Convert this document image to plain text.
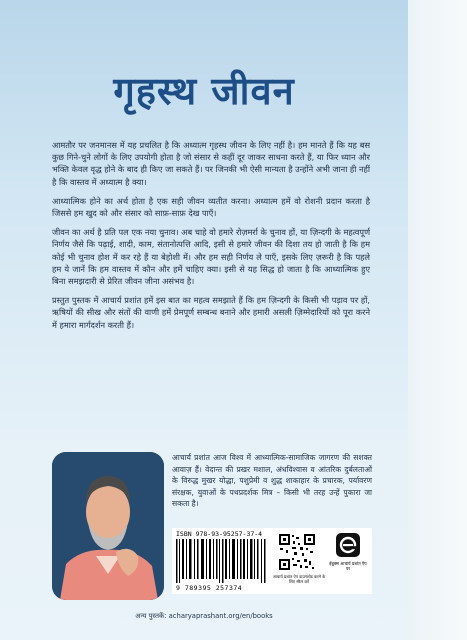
गृहस्थ जीवन

आमतौर पर जनमानस में यह प्रचलित है कि अध्यात्म गृहस्थ जीवन के लिए नहीं है। हम मानते हैं कि यह बस कुछ गिने-चुने लोगों के लिए उपयोगी होता है जो संसार से कहीं दूर जाकर साधना करते हैं, या फिर ध्यान और भक्ति केवल वृद्ध होने के बाद ही किए जा सकते हैं। पर जिनकी भी ऐसी मान्यता है उन्होंने अभी जाना ही नहीं है कि वास्तव में अध्यात्म है क्या।

आध्यात्मिक होने का अर्थ होता है एक सही जीवन व्यतीत करना। अध्यात्म हमें वो रोशनी प्रदान करता है जिससे हम खुद को और संसार को साफ़-साफ़ देख पाएँ।

जीवन का अर्थ है प्रति पल एक नया चुनाव। अब चाहे वो हमारे रोज़मर्रा के चुनाव हों, या ज़िन्दगी के महत्वपूर्ण निर्णय जैसे कि पढ़ाई, शादी, काम, संतानोत्पत्ति आदि, इसी से हमारे जीवन की दिशा तय हो जाती है कि हम कोई भी चुनाव होश में कर रहे हैं या बेहोशी में। और हम सही निर्णय ले पाएँ, इसके लिए ज़रूरी है कि पहले हम ये जानें कि हम वास्तव में कौन और हमें चाहिए क्या। इसी से यह सिद्ध हो जाता है कि आध्यात्मिक हुए बिना समझदारी से प्रेरित जीवन जीना असंभव है।

प्रस्तुत पुस्तक में आचार्य प्रशांत हमें इस बात का महत्व समझाते हैं कि हम ज़िन्दगी के किसी भी पड़ाव पर हों, ऋषियों की सीख और संतों की वाणी हमें प्रेमपूर्ण सम्बन्ध बनाने और हमारी असली ज़िम्मेदारियों को पूरा करने में हमारा मार्गदर्शन करती हैं।

आचार्य प्रशांत आज विश्व में आध्यात्मिक-सामाजिक जागरण की सशक्त आवाज़ हैं। वेदान्त की प्रखर मशाल, अंधविश्वास व आंतरिक दुर्बलताओं के विरुद्ध मुखर योद्धा, पशुप्रेमी व शुद्ध शाकाहार के प्रचारक, पर्यावरण संरक्षक, युवाओं के पथप्रदर्शक मित्र – किसी भी तरह उन्हें पुकारा जा सकता है।
ISBN 978-93-95257-37-4
9 789395 257374
आचार्य प्रशांत ऐप डाउनलोड करने के लिए स्कैन करें
ईबुक्स आचार्य प्रशांत ऐप पर
अन्य पुस्तकें: acharyaprashant.org/en/books
